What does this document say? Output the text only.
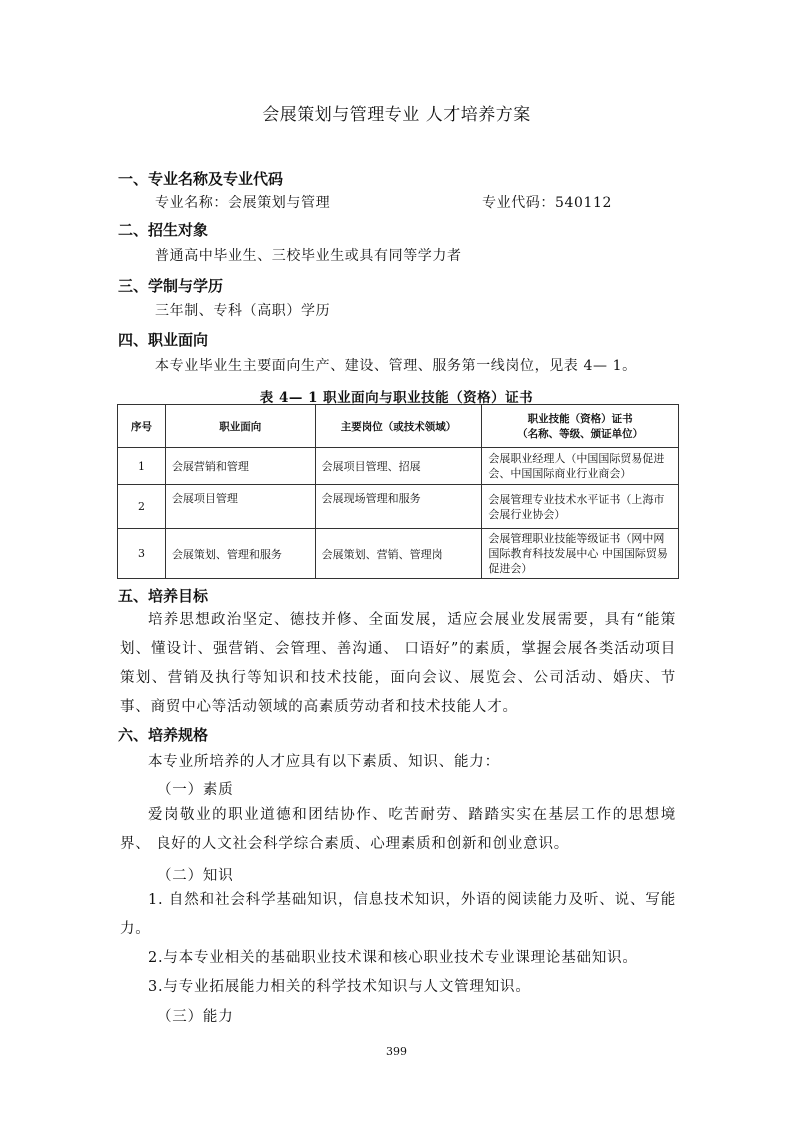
会展策划与管理专业 人才培养方案
一、专业名称及专业代码
专业名称：会展策划与管理	专业代码：540112
二、招生对象
普通高中毕业生、三校毕业生或具有同等学力者
三、学制与学历
三年制、专科（高职）学历
四、职业面向
本专业毕业生主要面向生产、建设、管理、服务第一线岗位，见表 4— 1。
表 4— 1 职业面向与职业技能（资格）证书
序号	职业面向	主要岗位（或技术领域）	职业技能（资格）证书
（名称、等级、颁证单位）

1	会展营销和管理	会展项目管理、招展	会展职业经理人（中国国际贸易促进会、中国国际商业行业商会）
2	会展项目管理	会展现场管理和服务	会展管理专业技术水平证书（上海市会展行业协会）
3	会展策划、管理和服务	会展策划、营销、管理岗	会展管理职业技能等级证书（网中网国际教育科技发展中心 中国国际贸易促进会）
五、培养目标
培养思想政治坚定、德技并修、全面发展，适应会展业发展需要，具有“能策划、懂设计、强营销、会管理、善沟通、 口语好”的素质，掌握会展各类活动项目策划、营销及执行等知识和技术技能，面向会议、展览会、公司活动、婚庆、节事、商贸中心等活动领域的高素质劳动者和技术技能人才。
六、培养规格
本专业所培养的人才应具有以下素质、知识、能力：
（一）素质
爱岗敬业的职业道德和团结协作、吃苦耐劳、踏踏实实在基层工作的思想境界、 良好的人文社会科学综合素质、心理素质和创新和创业意识。
（二）知识
1. 自然和社会科学基础知识，信息技术知识，外语的阅读能力及听、说、写能力。
2.与本专业相关的基础职业技术课和核心职业技术专业课理论基础知识。
3.与专业拓展能力相关的科学技术知识与人文管理知识。
（三）能力
399
